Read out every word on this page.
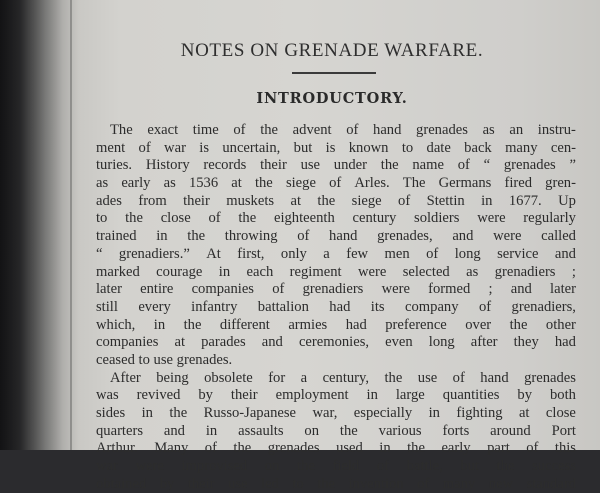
NOTES ON GRENADE WARFARE.
INTRODUCTORY.
The exact time of the advent of hand grenades as an instru-
ment of war is uncertain, but is known to date back many cen-
turies. History records their use under the name of “ grenades ”
as early as 1536 at the siege of Arles. The Germans fired gren-
ades from their muskets at the siege of Stettin in 1677. Up
to the close of the eighteenth century soldiers were regularly
trained in the throwing of hand grenades, and were called
“ grenadiers.” At first, only a few men of long service and
marked courage in each regiment were selected as grenadiers ;
later entire companies of grenadiers were formed ; and later
still every infantry battalion had its company of grenadiers,
which, in the different armies had preference over the other
companies at parades and ceremonies, even long after they had
ceased to use grenades.
After being obsolete for a century, the use of hand grenades
was revived by their employment in large quantities by both
sides in the Russo-Japanese war, especially in fighting at close
quarters and in assaults on the various forts around Port
Arthur. Many of the grenades used in the early part of this
war were improvised on the field of battle, but the success
obtained by their use led to the invention of many new standard
